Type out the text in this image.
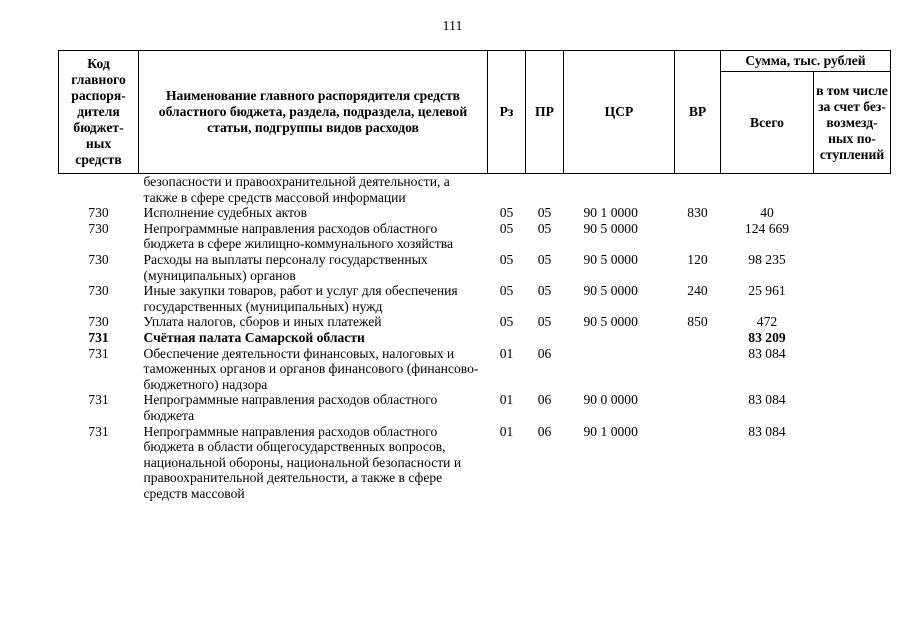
111
Код главного распоря-дителя бюджет-ных средств	Наименование главного распорядителя средств областного бюджета, раздела, подраздела, целевой статьи, подгруппы видов расходов	Рз	ПР	ЦСР	ВР	Сумма, тыс. рублей	
						Всего	в том числе за счет без-возмезд-ных по-ступлений
	безопасности и правоохранительной деятельности, а также в сфере средств массовой информации						
730	Исполнение судебных актов	05	05	90 1 0000	830	40	
730	Непрограммные направления расходов областного бюджета в сфере жилищно-коммунального хозяйства	05	05	90 5 0000		124 669	
730	Расходы на выплаты персоналу государственных (муниципальных) органов	05	05	90 5 0000	120	98 235	
730	Иные закупки товаров, работ и услуг для обеспечения государственных (муниципальных) нужд	05	05	90 5 0000	240	25 961	
730	Уплата налогов, сборов и иных платежей	05	05	90 5 0000	850	472	
731	Счётная палата Самарской области					83 209	
731	Обеспечение деятельности финансовых, налоговых и таможенных органов и органов финансового (финансово-бюджетного) надзора	01	06			83 084	
731	Непрограммные направления расходов областного бюджета	01	06	90 0 0000		83 084	
731	Непрограммные направления расходов областного бюджета в области общегосударственных вопросов, национальной обороны, национальной безопасности и правоохранительной деятельности, а также в сфере средств массовой	01	06	90 1 0000		83 084	
